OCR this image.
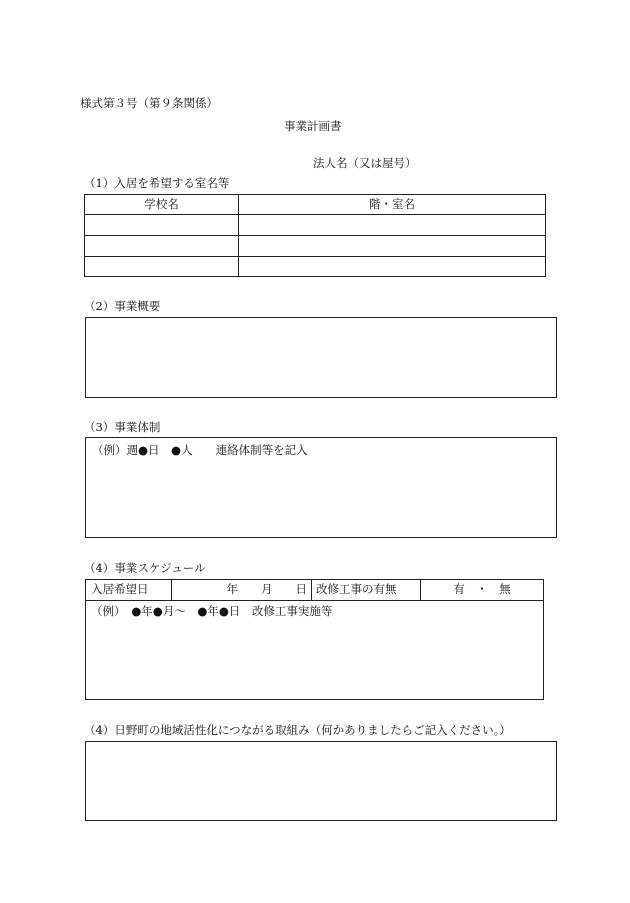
様式第３号（第９条関係）
事業計画書
法人名（又は屋号）
（1）入居を希望する室名等
学校名	階・室名

（2）事業概要
（3）事業体制
（例）週●日　●人　　連絡体制等を記入
（4）事業スケジュール
入居希望日	年　　月　　日	改修工事の有無	有　・　無

（例）　●年●月～　●年●日　改修工事実施等
（4）日野町の地域活性化につながる取組み（何かありましたらご記入ください。）
